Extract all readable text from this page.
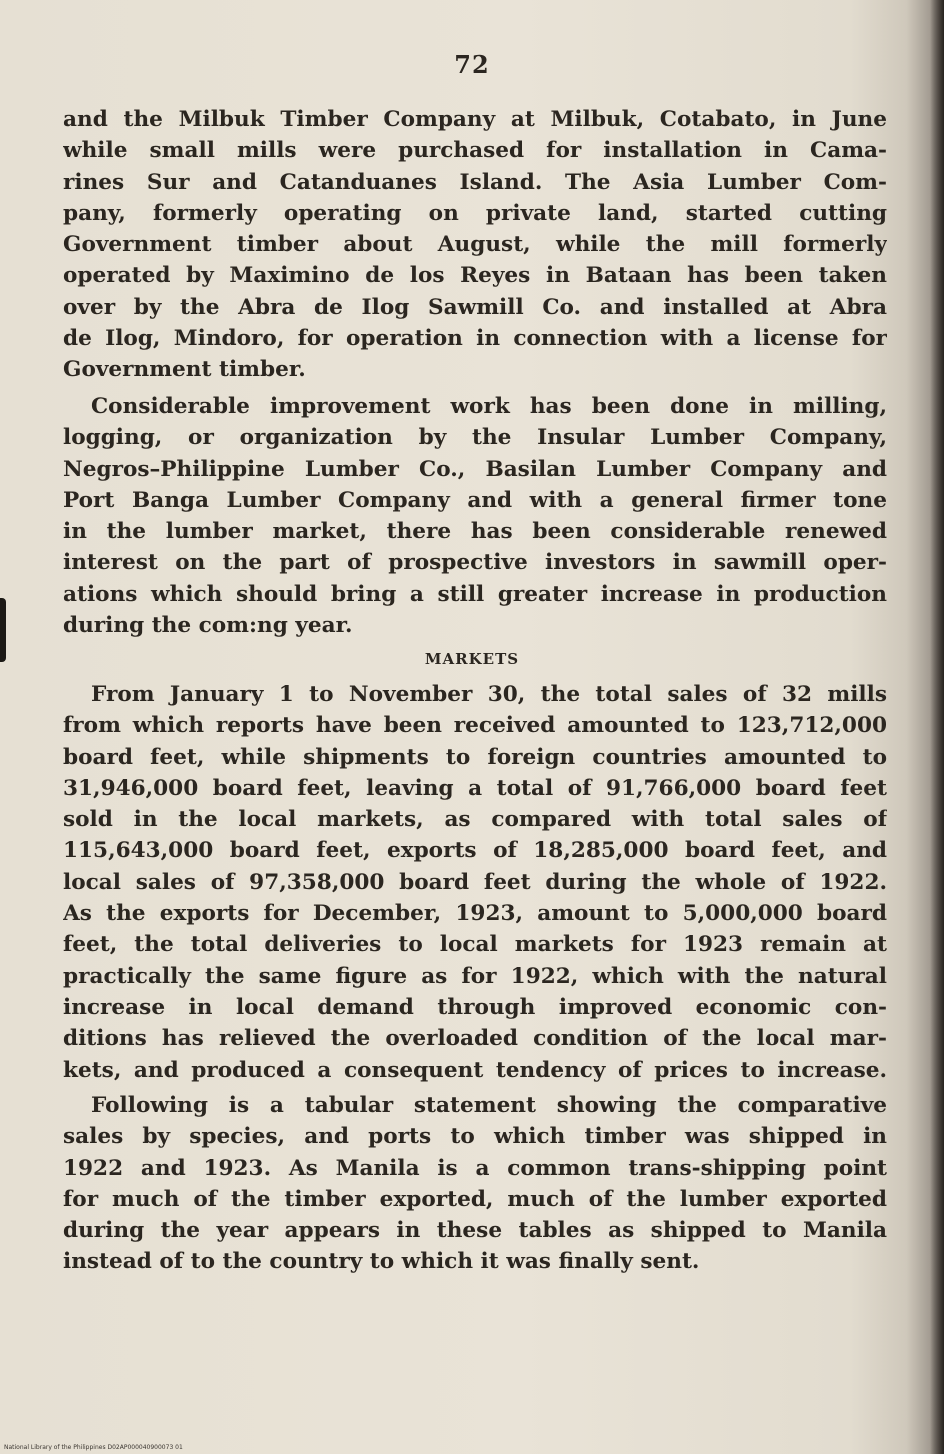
72
and the Milbuk Timber Company at Milbuk, Cotabato, in June
while small mills were purchased for installation in Cama-
rines Sur and Catanduanes Island. The Asia Lumber Com-
pany, formerly operating on private land, started cutting
Government timber about August, while the mill formerly
operated by Maximino de los Reyes in Bataan has been taken
over by the Abra de Ilog Sawmill Co. and installed at Abra
de Ilog, Mindoro, for operation in connection with a license for
Government timber.
Considerable improvement work has been done in milling,
logging, or organization by the Insular Lumber Company,
Negros–Philippine Lumber Co., Basilan Lumber Company and
Port Banga Lumber Company and with a general firmer tone
in the lumber market, there has been considerable renewed
interest on the part of prospective investors in sawmill oper-
ations which should bring a still greater increase in production
during the com:ng year.
MARKETS
From January 1 to November 30, the total sales of 32 mills
from which reports have been received amounted to 123,712,000
board feet, while shipments to foreign countries amounted to
31,946,000 board feet, leaving a total of 91,766,000 board feet
sold in the local markets, as compared with total sales of
115,643,000 board feet, exports of 18,285,000 board feet, and
local sales of 97,358,000 board feet during the whole of 1922.
As the exports for December, 1923, amount to 5,000,000 board
feet, the total deliveries to local markets for 1923 remain at
practically the same figure as for 1922, which with the natural
increase in local demand through improved economic con-
ditions has relieved the overloaded condition of the local mar-
kets, and produced a consequent tendency of prices to increase.
Following is a tabular statement showing the comparative
sales by species, and ports to which timber was shipped in
1922 and 1923. As Manila is a common trans-shipping point
for much of the timber exported, much of the lumber exported
during the year appears in these tables as shipped to Manila
instead of to the country to which it was finally sent.
National Library of the Philippines D02AP000040900073 01
